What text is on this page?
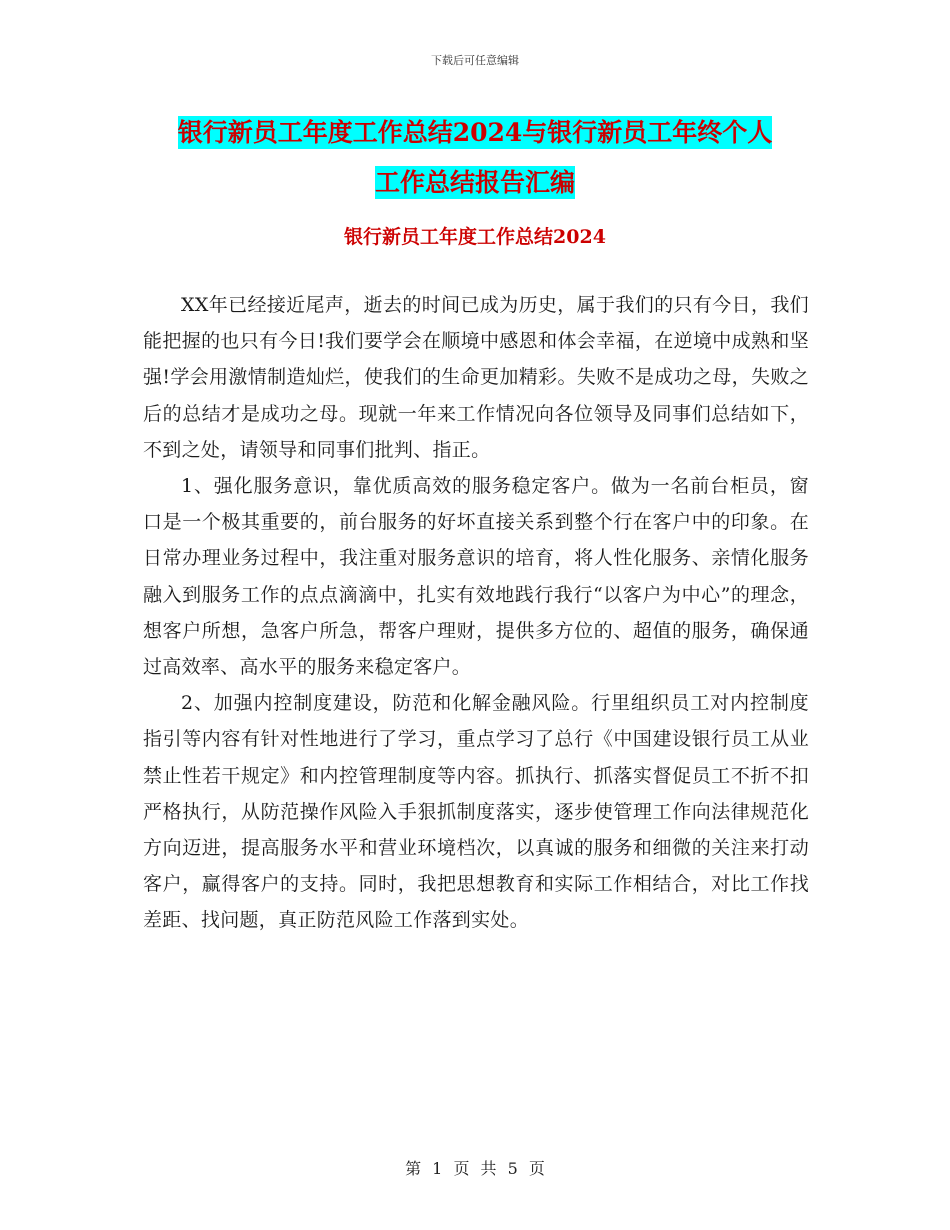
下载后可任意编辑
银行新员工年度工作总结2024与银行新员工年终个人
工作总结报告汇编
银行新员工年度工作总结2024

XX年已经接近尾声，逝去的时间已成为历史，属于我们的只有今日，我们能把握的也只有今日!我们要学会在顺境中感恩和体会幸福，在逆境中成熟和坚强!学会用激情制造灿烂，使我们的生命更加精彩。失败不是成功之母，失败之后的总结才是成功之母。现就一年来工作情况向各位领导及同事们总结如下，不到之处，请领导和同事们批判、指正。

1、强化服务意识，靠优质高效的服务稳定客户。做为一名前台柜员，窗口是一个极其重要的，前台服务的好坏直接关系到整个行在客户中的印象。在日常办理业务过程中，我注重对服务意识的培育，将人性化服务、亲情化服务融入到服务工作的点点滴滴中，扎实有效地践行我行“以客户为中心”的理念，想客户所想，急客户所急，帮客户理财，提供多方位的、超值的服务，确保通过高效率、高水平的服务来稳定客户。

2、加强内控制度建设，防范和化解金融风险。行里组织员工对内控制度指引等内容有针对性地进行了学习，重点学习了总行《中国建设银行员工从业禁止性若干规定》和内控管理制度等内容。抓执行、抓落实督促员工不折不扣严格执行，从防范操作风险入手狠抓制度落实，逐步使管理工作向法律规范化方向迈进，提高服务水平和营业环境档次，以真诚的服务和细微的关注来打动客户，赢得客户的支持。同时，我把思想教育和实际工作相结合，对比工作找差距、找问题，真正防范风险工作落到实处。

第 1 页 共 5 页
